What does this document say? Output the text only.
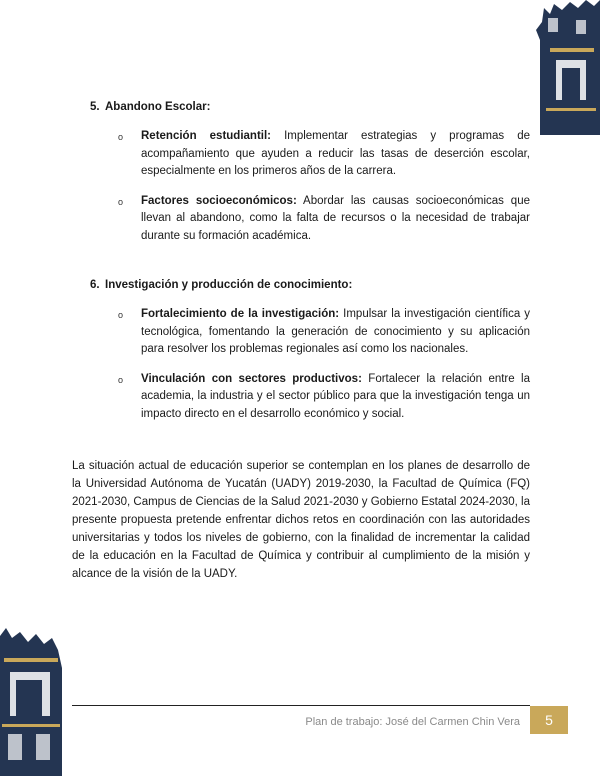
5. Abandono Escolar:
o Retención estudiantil: Implementar estrategias y programas de acompañamiento que ayuden a reducir las tasas de deserción escolar, especialmente en los primeros años de la carrera.
o Factores socioeconómicos: Abordar las causas socioeconómicas que llevan al abandono, como la falta de recursos o la necesidad de trabajar durante su formación académica.
6. Investigación y producción de conocimiento:
o Fortalecimiento de la investigación: Impulsar la investigación científica y tecnológica, fomentando la generación de conocimiento y su aplicación para resolver los problemas regionales así como los nacionales.
o Vinculación con sectores productivos: Fortalecer la relación entre la academia, la industria y el sector público para que la investigación tenga un impacto directo en el desarrollo económico y social.

La situación actual de educación superior se contemplan en los planes de desarrollo de la Universidad Autónoma de Yucatán (UADY) 2019-2030, la Facultad de Química (FQ) 2021-2030, Campus de Ciencias de la Salud 2021-2030 y Gobierno Estatal 2024-2030, la presente propuesta pretende enfrentar dichos retos en coordinación con las autoridades universitarias y todos los niveles de gobierno, con la finalidad de incrementar la calidad de la educación en la Facultad de Química y contribuir al cumplimiento de la misión y alcance de la visión de la UADY.

Plan de trabajo: José del Carmen Chin Vera	5
